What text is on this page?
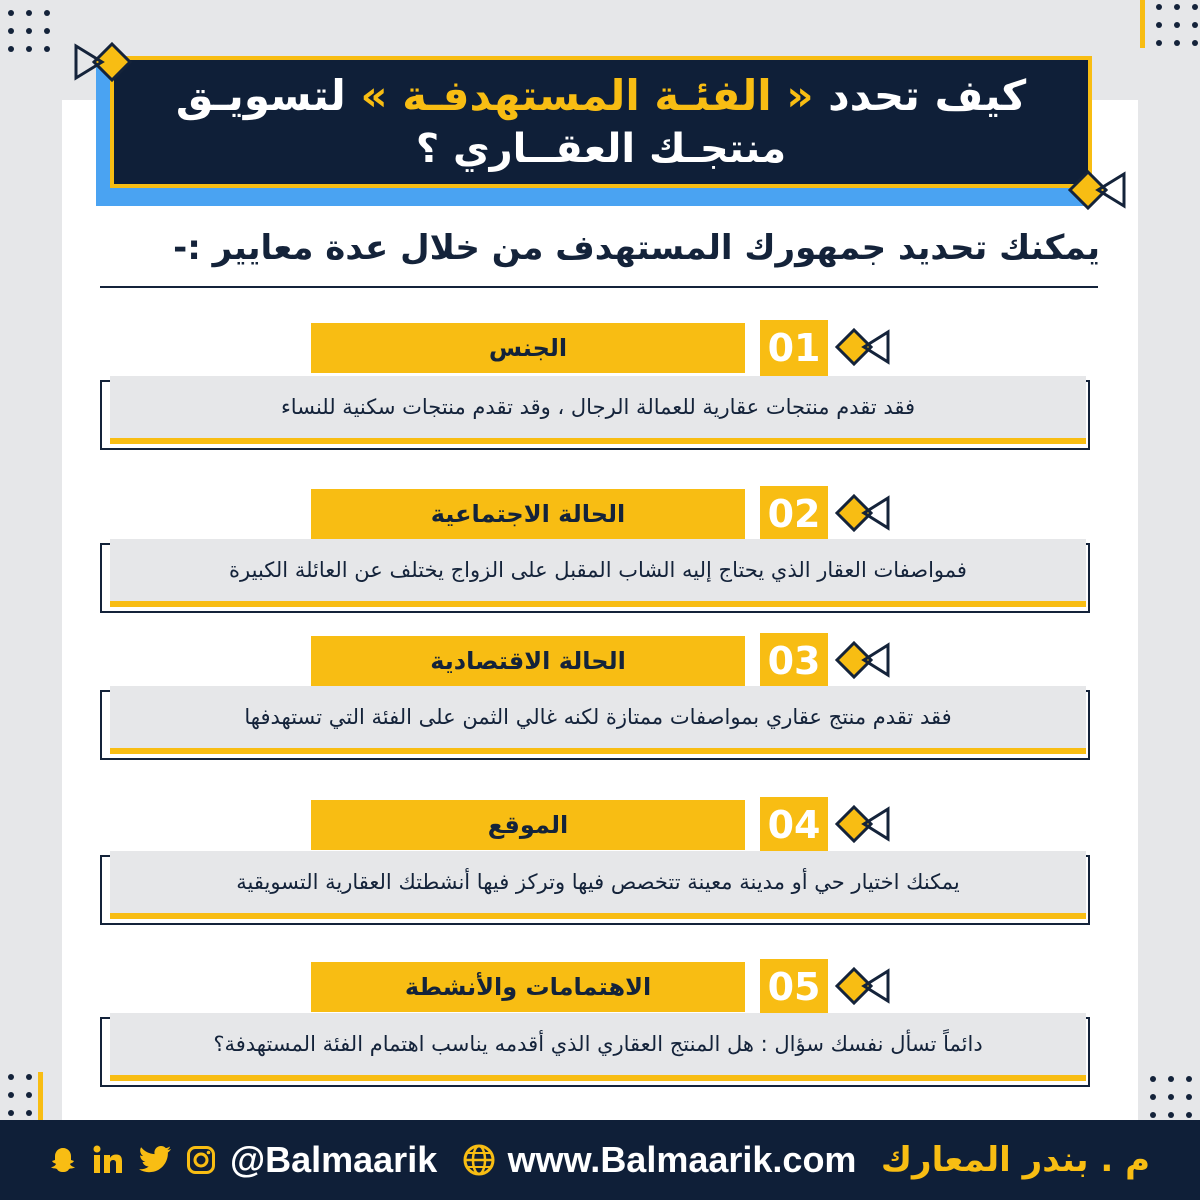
كيف تحدد « الفئـة المستهدفـة » لتسويـق
منتجـك العقــاري ؟
يمكنك تحديد جمهورك المستهدف من خلال عدة معايير :-
الجنس	01
فقد تقدم منتجات عقارية للعمالة الرجال ، وقد تقدم منتجات سكنية للنساء
الحالة الاجتماعية	02
فمواصفات العقار الذي يحتاج إليه الشاب المقبل على الزواج يختلف عن العائلة الكبيرة
الحالة الاقتصادية	03
فقد تقدم منتج عقاري بمواصفات ممتازة لكنه غالي الثمن على الفئة التي تستهدفها
الموقع	04
يمكنك اختيار حي أو مدينة معينة تتخصص فيها وتركز فيها أنشطتك العقارية التسويقية
الاهتمامات والأنشطة	05
دائماً تسأل نفسك سؤال : هل المنتج العقاري الذي أقدمه يناسب اهتمام الفئة المستهدفة؟
م . بندر المعارك
www.Balmaarik.com
@Balmaarik
